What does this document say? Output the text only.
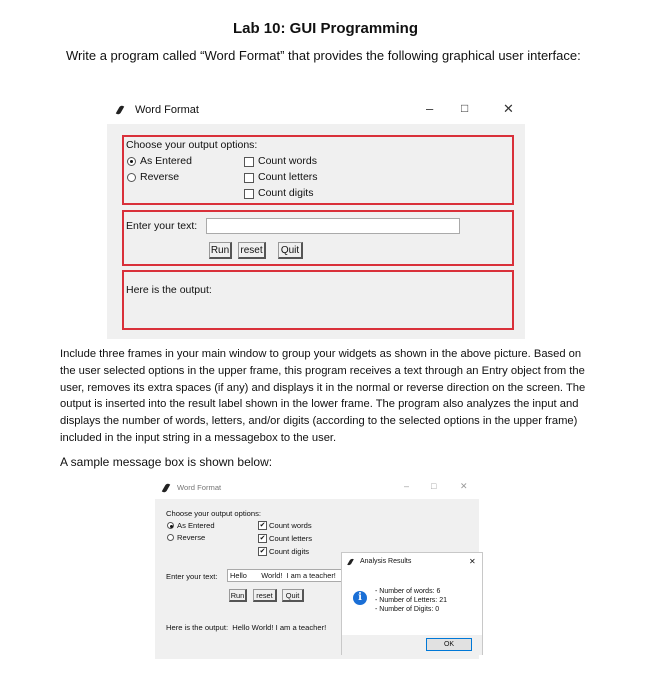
Lab 10: GUI Programming
Write a program called “Word Format” that provides the following graphical user interface:
Word Format	– □	✕
Choose your output options:
As Entered
Reverse
Count words
Count letters
Count digits
Enter your text:
Run reset	Quit
Here is the output:
Include three frames in your main window to group your widgets as shown in the above picture. Based on the user selected options in the upper frame, this program receives a text through an Entry object from the user, removes its extra spaces (if any) and displays it in the normal or reverse direction on the screen. The output is inserted into the result label shown in the lower frame. The program also analyzes the input and displays the number of words, letters, and/or digits (according to the selected options in the upper frame) included in the input string in a messagebox to the user.
A sample message box is shown below:
Word Format	– □	✕
Choose your output options:
As Entered
Reverse
✔ Count words
✔ Count letters
✔ Count digits
Enter your text:	Hello       World!  I am a teacher!
Run	reset	Quit
Here is the output:  Hello World! I am a teacher!
Analysis Results	✕
i
- Number of words: 6
- Number of Letters: 21
- Number of Digits: 0
OK
